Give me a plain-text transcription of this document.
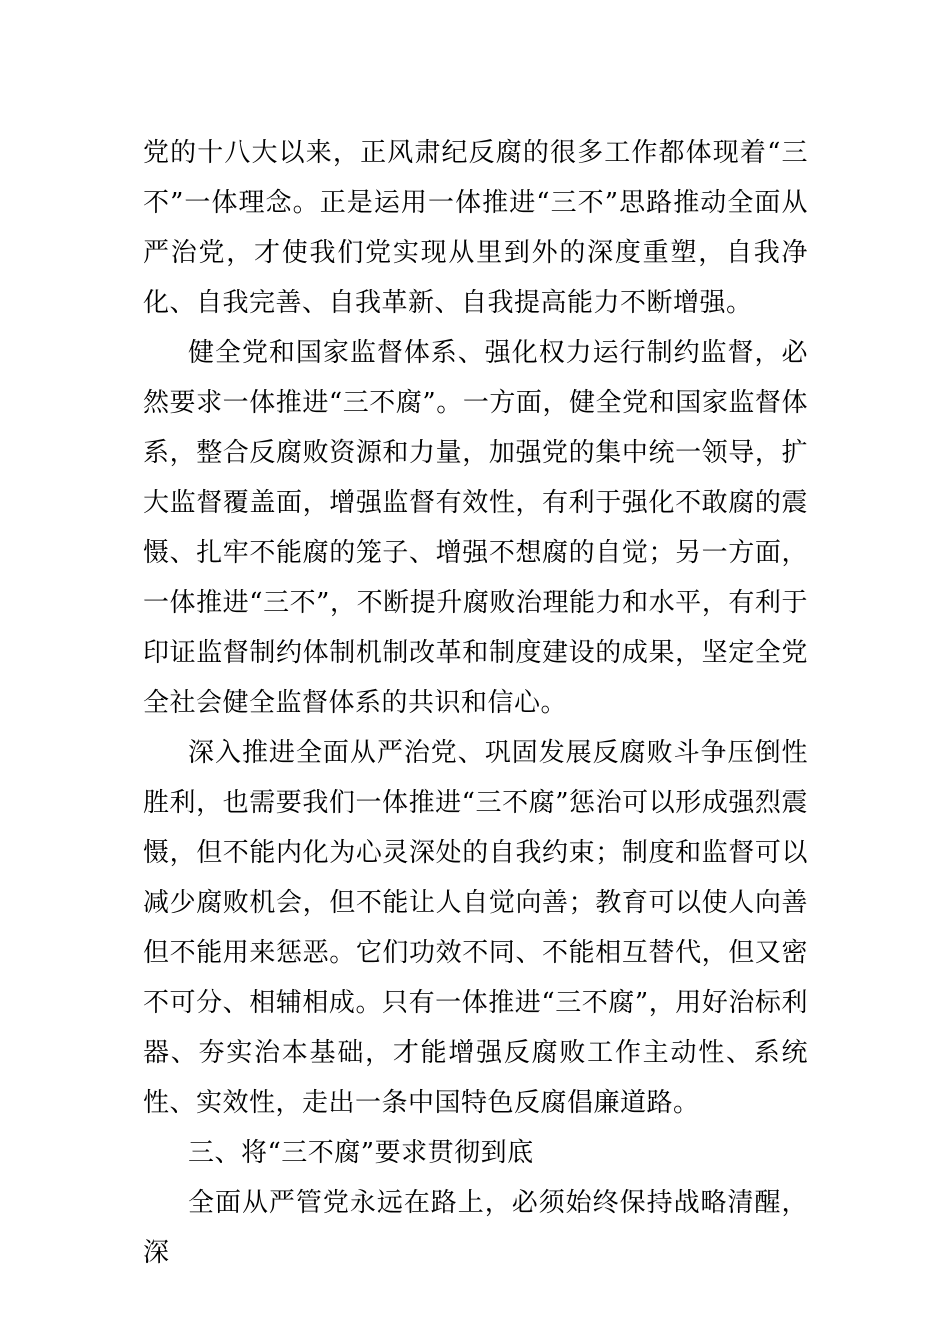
党的十八大以来，正风肃纪反腐的很多工作都体现着“三不”一体理念。正是运用一体推进“三不”思路推动全面从严治党，才使我们党实现从里到外的深度重塑，自我净化、自我完善、自我革新、自我提高能力不断增强。

健全党和国家监督体系、强化权力运行制约监督，必然要求一体推进“三不腐”。一方面，健全党和国家监督体系，整合反腐败资源和力量，加强党的集中统一领导，扩大监督覆盖面，增强监督有效性，有利于强化不敢腐的震慑、扎牢不能腐的笼子、增强不想腐的自觉；另一方面，一体推进“三不”，不断提升腐败治理能力和水平，有利于印证监督制约体制机制改革和制度建设的成果，坚定全党全社会健全监督体系的共识和信心。

深入推进全面从严治党、巩固发展反腐败斗争压倒性胜利，也需要我们一体推进“三不腐”惩治可以形成强烈震慑，但不能内化为心灵深处的自我约束；制度和监督可以减少腐败机会，但不能让人自觉向善；教育可以使人向善但不能用来惩恶。它们功效不同、不能相互替代，但又密不可分、相辅相成。只有一体推进“三不腐”，用好治标利器、夯实治本基础，才能增强反腐败工作主动性、系统性、实效性，走出一条中国特色反腐倡廉道路。

三、将“三不腐”要求贯彻到底

全面从严管党永远在路上，必须始终保持战略清醒，深
